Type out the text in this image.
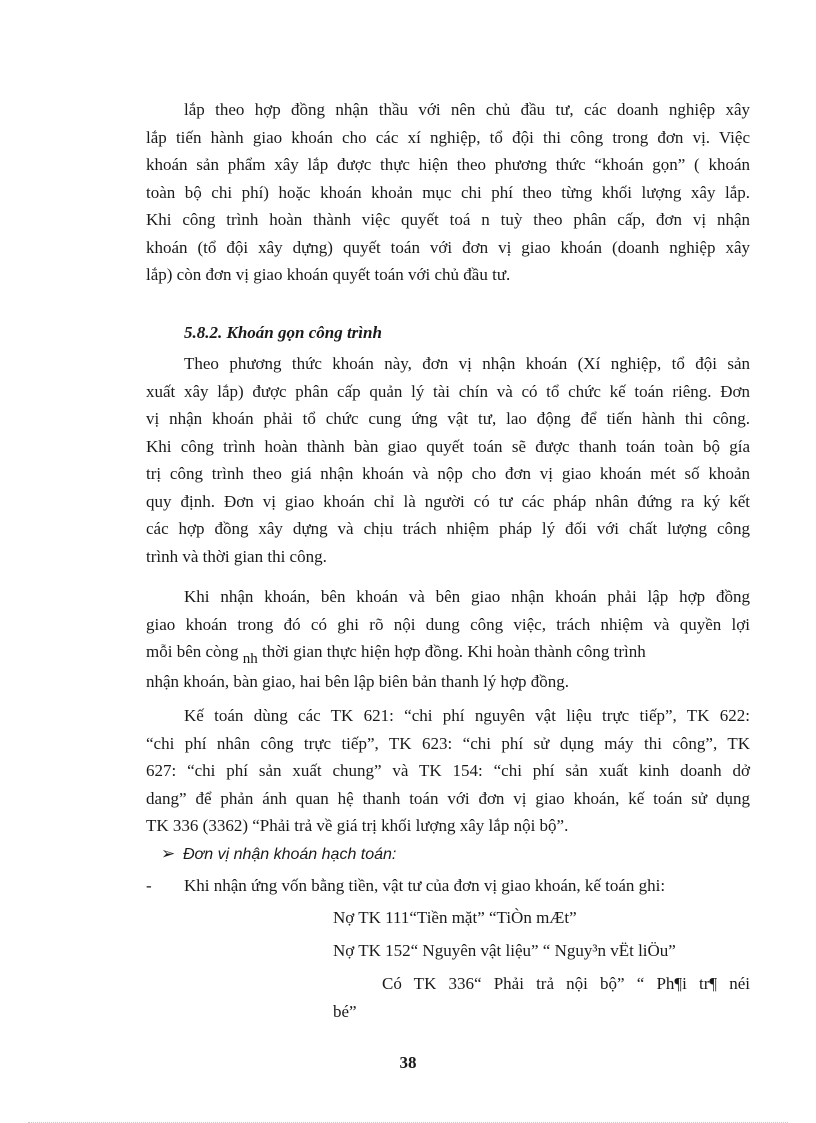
lắp theo hợp đồng nhận thầu với nên chủ đầu tư, các doanh nghiệp xây
lắp tiến hành giao khoán cho các xí nghiệp, tổ đội thi công trong đơn vị. Việc
khoán sản phẩm xây lắp được thực hiện theo phương thức “khoán gọn” ( khoán
toàn bộ chi phí) hoặc khoán khoản mục chi phí theo từng khối lượng xây lắp.
Khi công trình hoàn thành việc quyết toá n tuỳ theo phân cấp, đơn vị nhận
khoán (tổ đội xây dựng) quyết toán với đơn vị giao khoán (doanh nghiệp xây
lắp) còn đơn vị giao khoán quyết toán với chủ đầu tư.
5.8.2. Khoán gọn công trình
Theo phương thức khoán này, đơn vị nhận khoán (Xí nghiệp, tổ đội sản
xuất xây lắp) được phân cấp quản lý tài chín và có tổ chức kế toán riêng. Đơn
vị nhận khoán phải tổ chức cung ứng vật tư, lao động để tiến hành thi công.
Khi công trình hoàn thành bàn giao quyết toán sẽ được thanh toán toàn bộ gía
trị công trình theo giá nhận khoán và nộp cho đơn vị giao khoán mét số khoản
quy định. Đơn vị giao khoán chỉ là người có tư các pháp nhân đứng ra ký kết
các hợp đồng xây dựng và chịu trách nhiệm pháp lý đối với chất lượng công
trình và thời gian thi công.
Khi nhận khoán, bên khoán và bên giao nhận khoán phải lập hợp đồng
giao khoán trong đó có ghi rõ nội dung công việc, trách nhiệm và quyền lợi
mỗi bên còng nh thời gian thực hiện hợp đồng. Khi hoàn thành công trình
nhận khoán, bàn giao, hai bên lập biên bản thanh lý hợp đồng.
Kế toán dùng các TK 621: “chi phí nguyên vật liệu trực tiếp”, TK 622:
“chi phí nhân công trực tiếp”, TK 623: “chi phí sử dụng máy thi công”, TK
627: “chi phí sản xuất chung” và TK 154: “chi phí sản xuất kinh doanh dở
dang” để phản ánh quan hệ thanh toán với đơn vị giao khoán, kế toán sử dụng
TK 336 (3362) “Phải trả về giá trị khối lượng xây lắp nội bộ”.
➢ Đơn vị nhận khoán hạch toán:
- Khi nhận ứng vốn bằng tiền, vật tư của đơn vị giao khoán, kế toán ghi:
Nợ TK 111“Tiền mặt” “TiÒn mÆt”
Nợ TK 152“ Nguyên vật liệu” “ Nguy³n vËt liÖu”
Có TK 336“ Phải trả nội bộ” “ Ph¶i tr¶ néi
bé”
38
